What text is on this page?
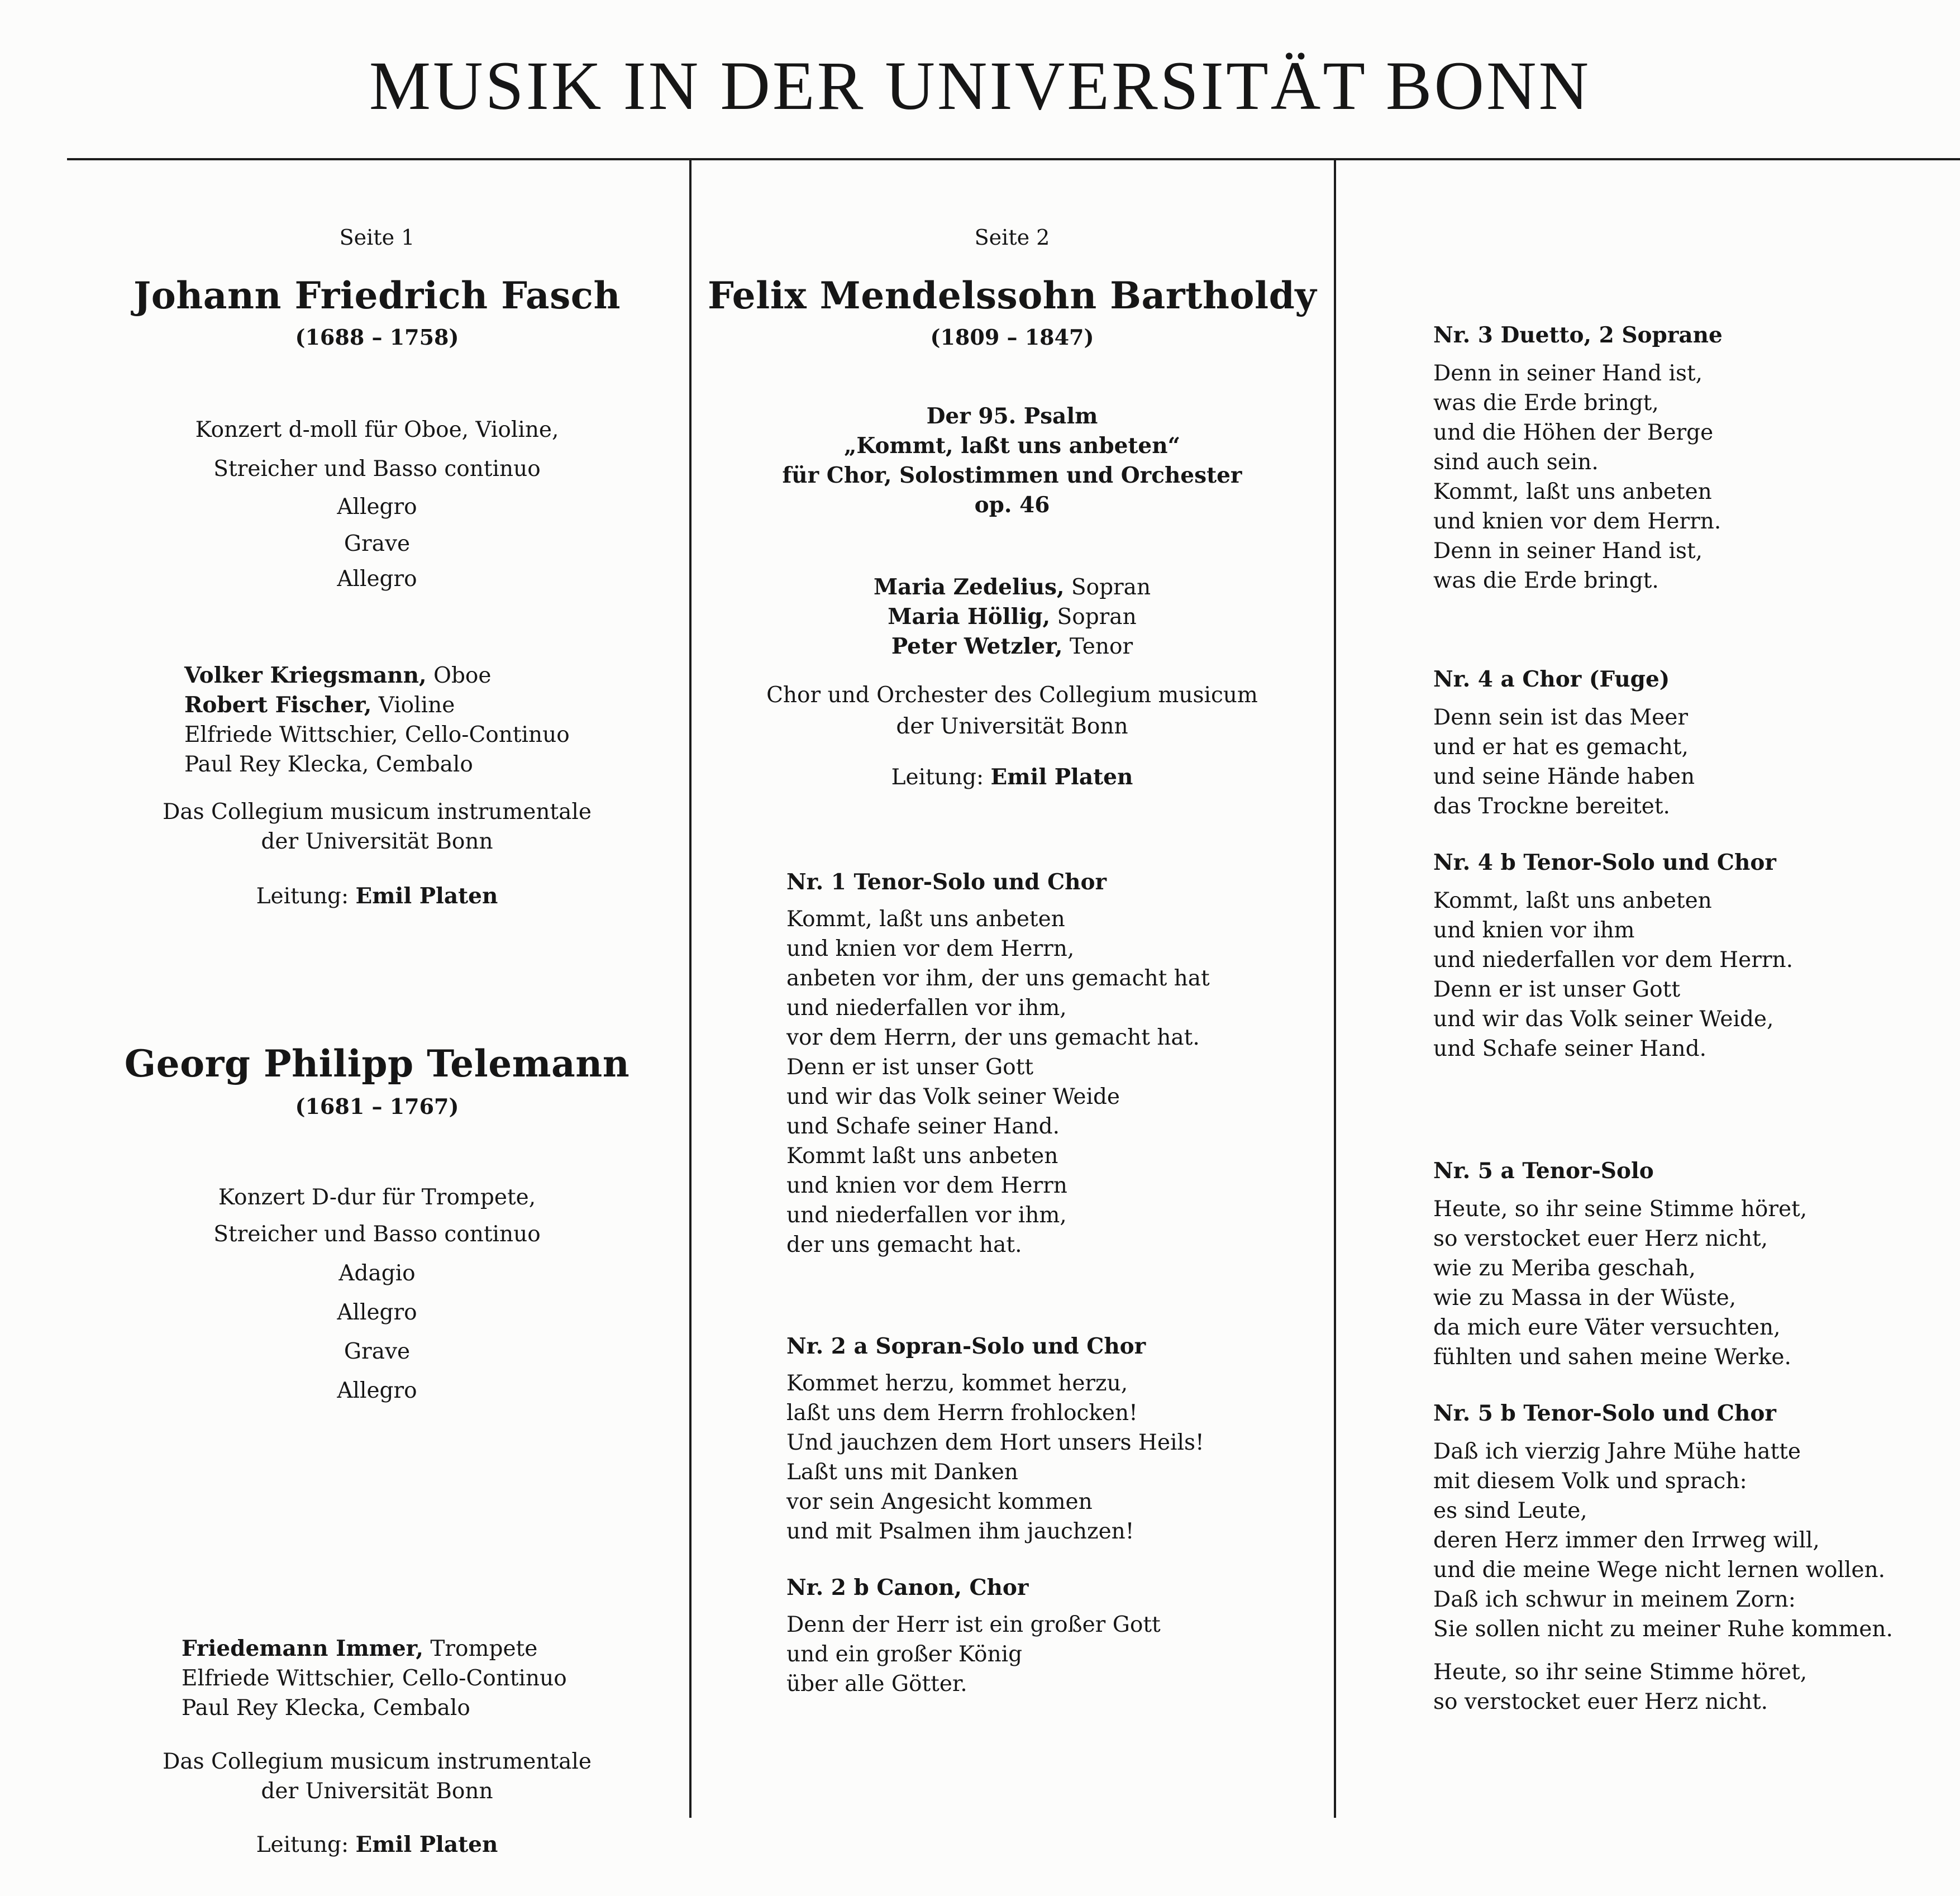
MUSIK IN DER UNIVERSITÄT BONN
Seite 1
Johann Friedrich Fasch
(1688 – 1758)
Konzert d-moll für Oboe, Violine,
Streicher und Basso continuo
Allegro
Grave
Allegro
Volker Kriegsmann, Oboe
Robert Fischer, Violine
Elfriede Wittschier, Cello-Continuo
Paul Rey Klecka, Cembalo
Das Collegium musicum instrumentale
der Universität Bonn
Leitung: Emil Platen
Georg Philipp Telemann
(1681 – 1767)
Konzert D-dur für Trompete,
Streicher und Basso continuo
Adagio
Allegro
Grave
Allegro
Friedemann Immer, Trompete
Elfriede Wittschier, Cello-Continuo
Paul Rey Klecka, Cembalo
Das Collegium musicum instrumentale
der Universität Bonn
Leitung: Emil Platen
Seite 2
Felix Mendelssohn Bartholdy
(1809 – 1847)
Der 95. Psalm
„Kommt, laßt uns anbeten“
für Chor, Solostimmen und Orchester
op. 46
Maria Zedelius, Sopran
Maria Höllig, Sopran
Peter Wetzler, Tenor
Chor und Orchester des Collegium musicum
der Universität Bonn
Leitung: Emil Platen
Nr. 1 Tenor-Solo und Chor
Kommt, laßt uns anbeten
und knien vor dem Herrn,
anbeten vor ihm, der uns gemacht hat
und niederfallen vor ihm,
vor dem Herrn, der uns gemacht hat.
Denn er ist unser Gott
und wir das Volk seiner Weide
und Schafe seiner Hand.
Kommt laßt uns anbeten
und knien vor dem Herrn
und niederfallen vor ihm,
der uns gemacht hat.
Nr. 2 a Sopran-Solo und Chor
Kommet herzu, kommet herzu,
laßt uns dem Herrn frohlocken!
Und jauchzen dem Hort unsers Heils!
Laßt uns mit Danken
vor sein Angesicht kommen
und mit Psalmen ihm jauchzen!
Nr. 2 b Canon, Chor
Denn der Herr ist ein großer Gott
und ein großer König
über alle Götter.
Nr. 3 Duetto, 2 Soprane
Denn in seiner Hand ist,
was die Erde bringt,
und die Höhen der Berge
sind auch sein.
Kommt, laßt uns anbeten
und knien vor dem Herrn.
Denn in seiner Hand ist,
was die Erde bringt.
Nr. 4 a Chor (Fuge)
Denn sein ist das Meer
und er hat es gemacht,
und seine Hände haben
das Trockne bereitet.
Nr. 4 b Tenor-Solo und Chor
Kommt, laßt uns anbeten
und knien vor ihm
und niederfallen vor dem Herrn.
Denn er ist unser Gott
und wir das Volk seiner Weide,
und Schafe seiner Hand.
Nr. 5 a Tenor-Solo
Heute, so ihr seine Stimme höret,
so verstocket euer Herz nicht,
wie zu Meriba geschah,
wie zu Massa in der Wüste,
da mich eure Väter versuchten,
fühlten und sahen meine Werke.
Nr. 5 b Tenor-Solo und Chor
Daß ich vierzig Jahre Mühe hatte
mit diesem Volk und sprach:
es sind Leute,
deren Herz immer den Irrweg will,
und die meine Wege nicht lernen wollen.
Daß ich schwur in meinem Zorn:
Sie sollen nicht zu meiner Ruhe kommen.
Heute, so ihr seine Stimme höret,
so verstocket euer Herz nicht.
